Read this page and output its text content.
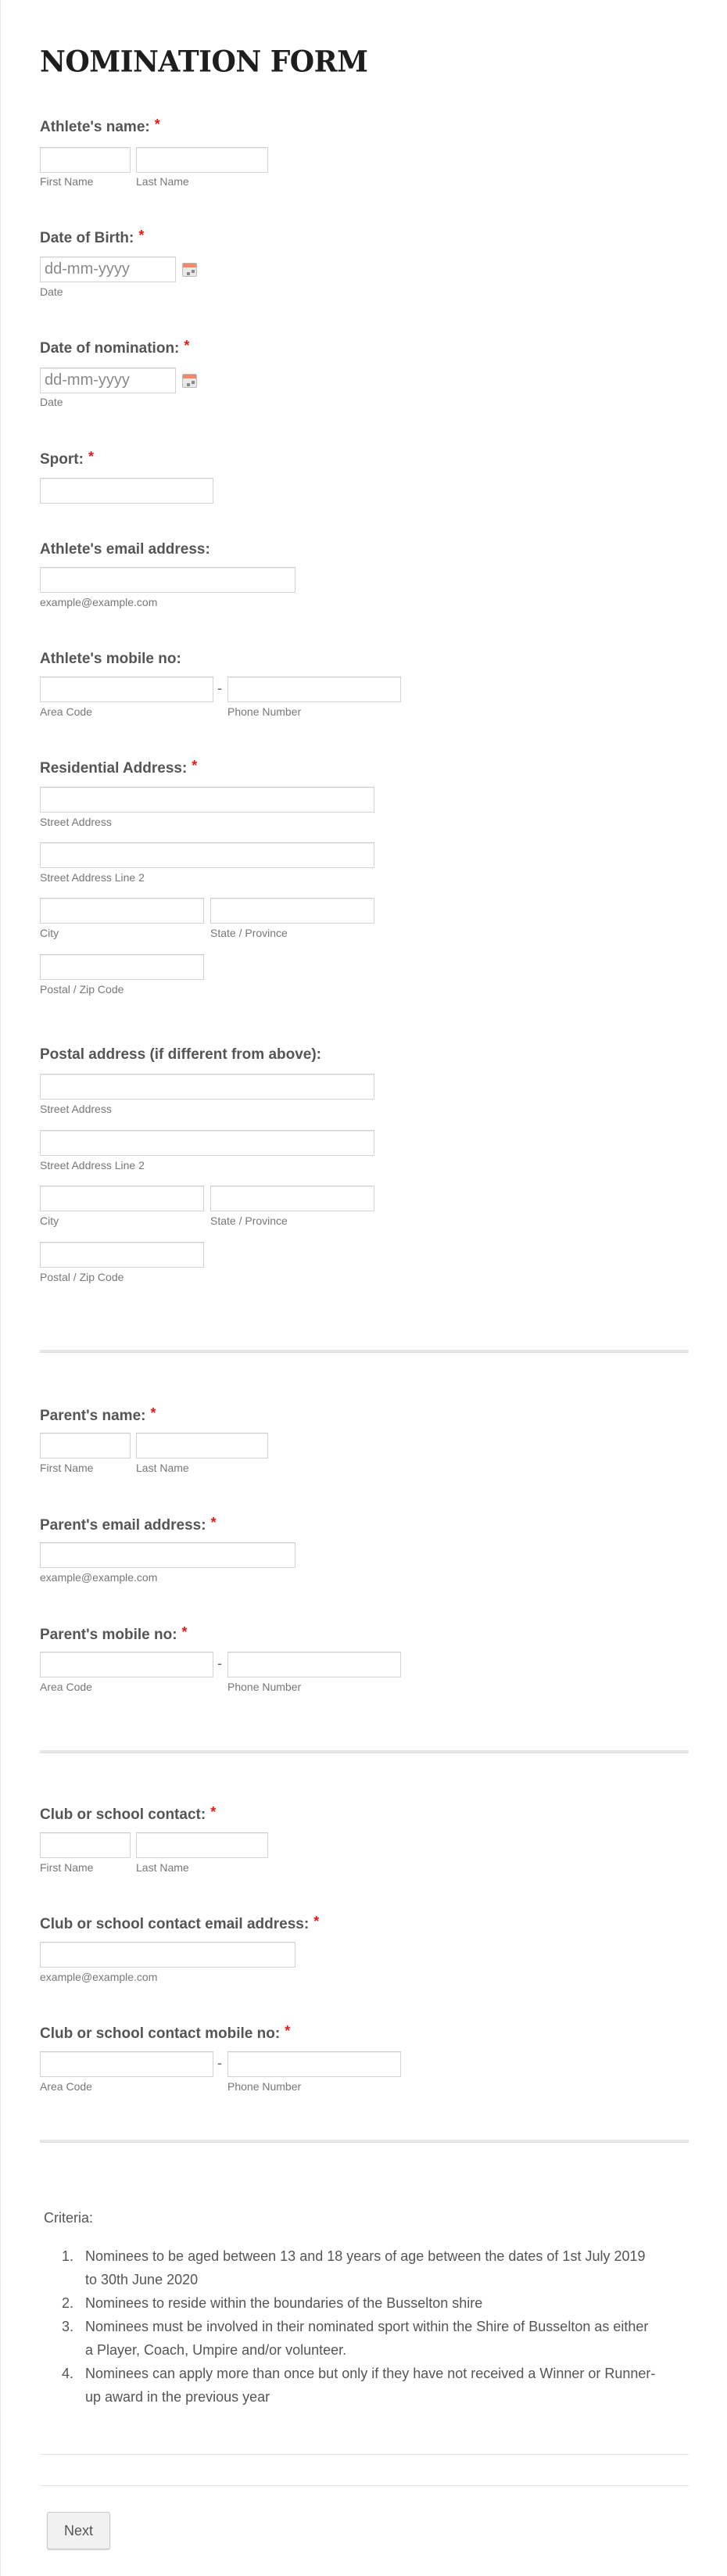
NOMINATION FORM
Athlete's name: *
First Name	Last Name
Date of Birth: *
dd-mm-yyyy
Date
Date of nomination: *
dd-mm-yyyy
Date
Sport: *
Athlete's email address:
example@example.com
Athlete's mobile no:
-
Area Code	Phone Number
Residential Address: *
Street Address
Street Address Line 2
City	State / Province
Postal / Zip Code
Postal address (if different from above):
Street Address
Street Address Line 2
City	State / Province
Postal / Zip Code
Parent's name: *
First Name	Last Name
Parent's email address: *
example@example.com
Parent's mobile no: *
-
Area Code	Phone Number
Club or school contact: *
First Name	Last Name
Club or school contact email address: *
example@example.com
Club or school contact mobile no: *
-
Area Code	Phone Number
Criteria:
1. Nominees to be aged between 13 and 18 years of age between the dates of 1st July 2019 to 30th June 2020
2. Nominees to reside within the boundaries of the Busselton shire
3. Nominees must be involved in their nominated sport within the Shire of Busselton as either a Player, Coach, Umpire and/or volunteer.
4. Nominees can apply more than once but only if they have not received a Winner or Runner-up award in the previous year
Next
